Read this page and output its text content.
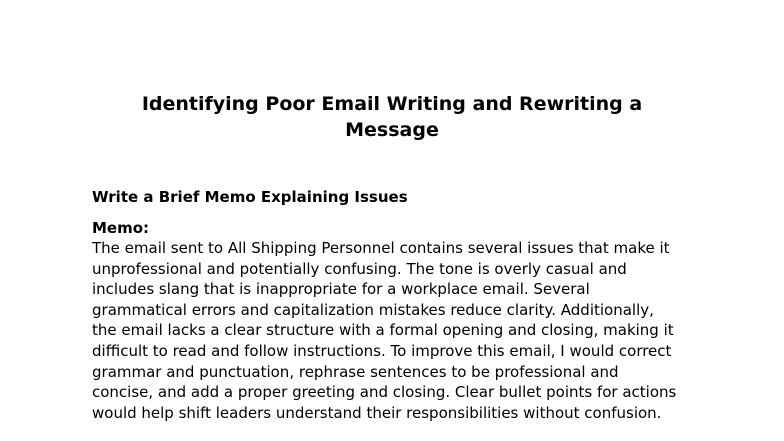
Identifying Poor Email Writing and Rewriting a Message
Write a Brief Memo Explaining Issues
Memo:

The email sent to All Shipping Personnel contains several issues that make it
unprofessional and potentially confusing. The tone is overly casual and
includes slang that is inappropriate for a workplace email. Several
grammatical errors and capitalization mistakes reduce clarity. Additionally,
the email lacks a clear structure with a formal opening and closing, making it
difficult to read and follow instructions. To improve this email, I would correct
grammar and punctuation, rephrase sentences to be professional and
concise, and add a proper greeting and closing. Clear bullet points for actions
would help shift leaders understand their responsibilities without confusion.
